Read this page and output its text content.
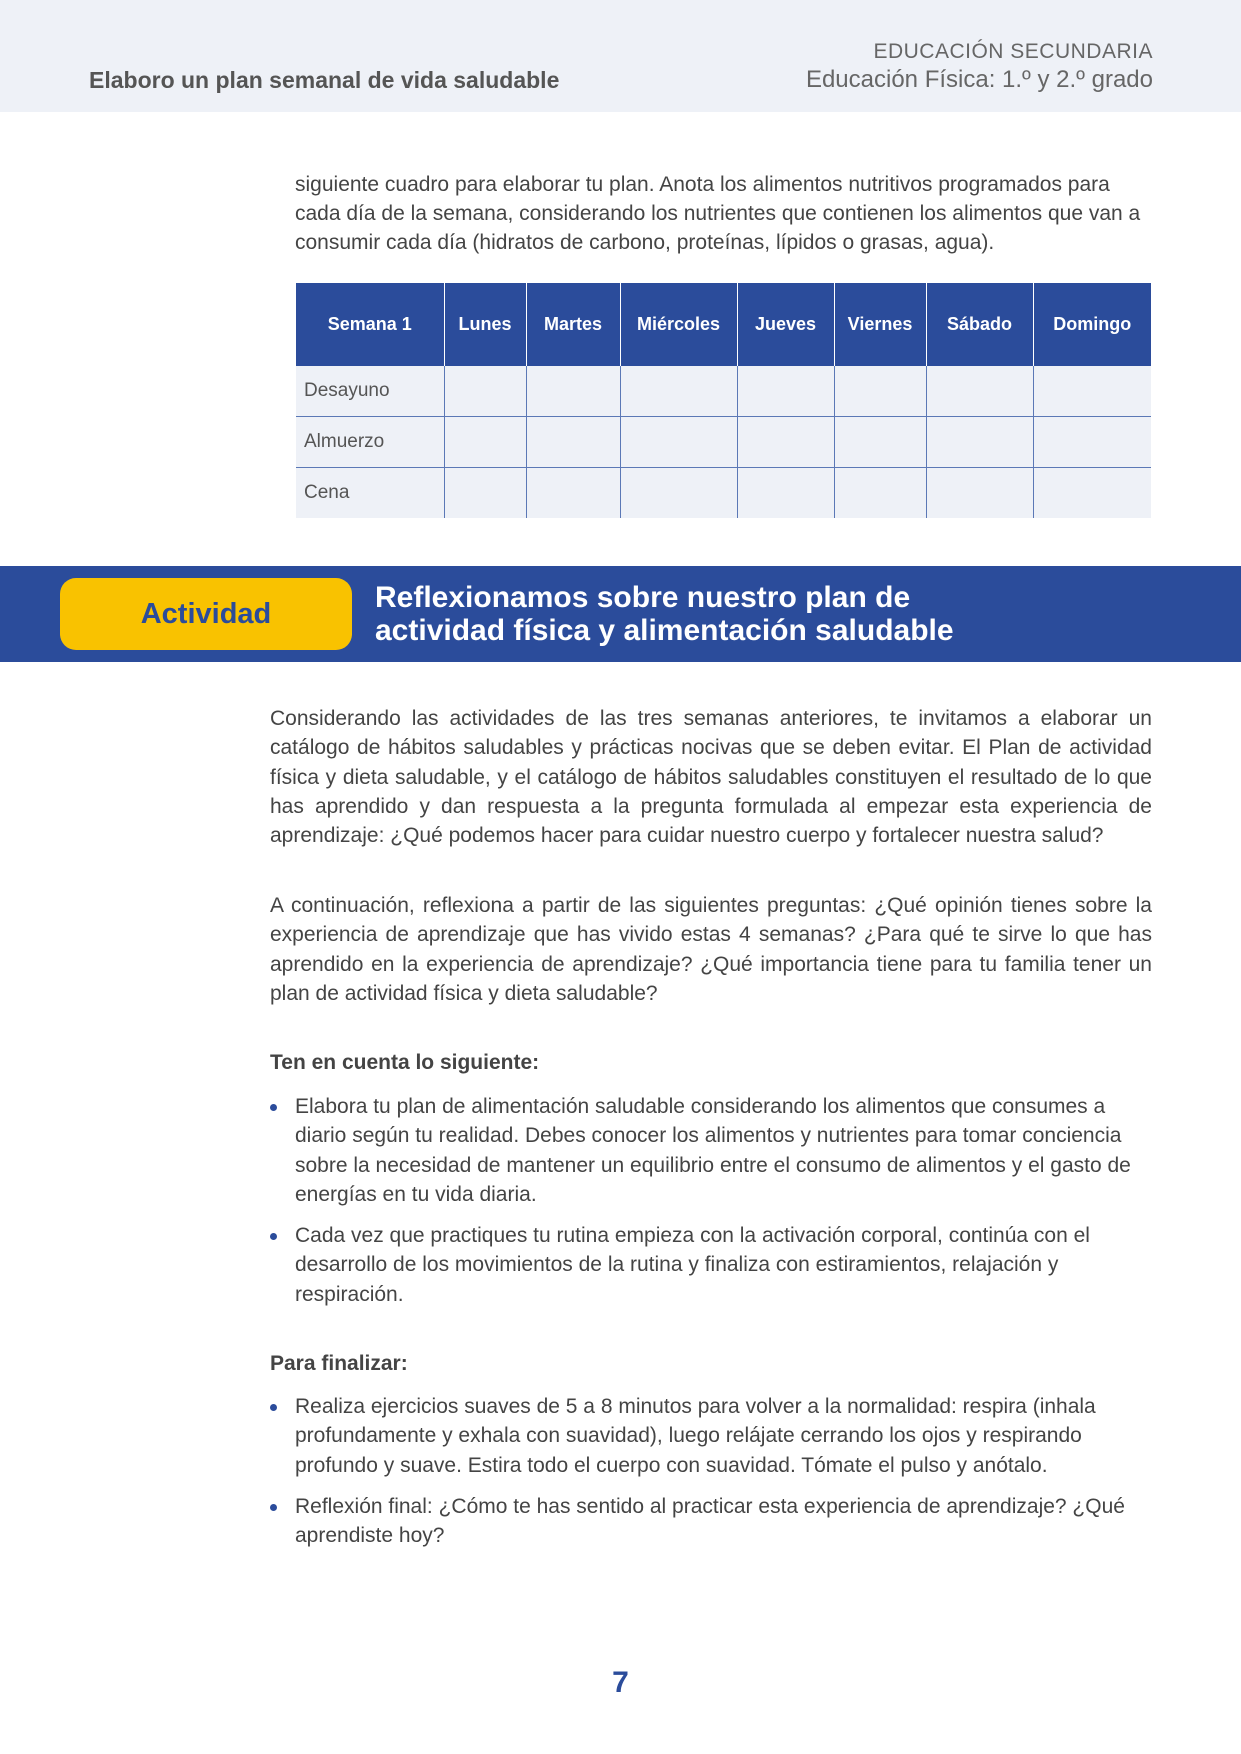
Elaboro un plan semanal de vida saludable
EDUCACIÓN SECUNDARIA
Educación Física: 1.º y 2.º grado
siguiente cuadro para elaborar tu plan. Anota los alimentos nutritivos programados para cada día de la semana, considerando los nutrientes que contienen los alimentos que van a consumir cada día (hidratos de carbono, proteínas, lípidos o grasas, agua).
Semana 1	Lunes	Martes	Miércoles	Jueves	Viernes	Sábado	Domingo
Desayuno							
Almuerzo							
Cena							
Actividad	Reflexionamos sobre nuestro plan de
actividad física y alimentación saludable
Considerando las actividades de las tres semanas anteriores, te invitamos a elaborar un catálogo de hábitos saludables y prácticas nocivas que se deben evitar. El Plan de actividad física y dieta saludable, y el catálogo de hábitos saludables constituyen el resultado de lo que has aprendido y dan respuesta a la pregunta formulada al empezar esta experiencia de aprendizaje: ¿Qué podemos hacer para cuidar nuestro cuerpo y fortalecer nuestra salud?
A continuación, reflexiona a partir de las siguientes preguntas: ¿Qué opinión tienes sobre la experiencia de aprendizaje que has vivido estas 4 semanas? ¿Para qué te sirve lo que has aprendido en la experiencia de aprendizaje? ¿Qué importancia tiene para tu familia tener un plan de actividad física y dieta saludable?
Ten en cuenta lo siguiente:
Elabora tu plan de alimentación saludable considerando los alimentos que consumes a diario según tu realidad. Debes conocer los alimentos y nutrientes para tomar conciencia sobre la necesidad de mantener un equilibrio entre el consumo de alimentos y el gasto de energías en tu vida diaria.
Cada vez que practiques tu rutina empieza con la activación corporal, continúa con el desarrollo de los movimientos de la rutina y finaliza con estiramientos, relajación y respiración.
Para finalizar:
Realiza ejercicios suaves de 5 a 8 minutos para volver a la normalidad: respira (inhala profundamente y exhala con suavidad), luego relájate cerrando los ojos y respirando profundo y suave. Estira todo el cuerpo con suavidad. Tómate el pulso y anótalo.
Reflexión final: ¿Cómo te has sentido al practicar esta experiencia de aprendizaje? ¿Qué aprendiste hoy?
7
